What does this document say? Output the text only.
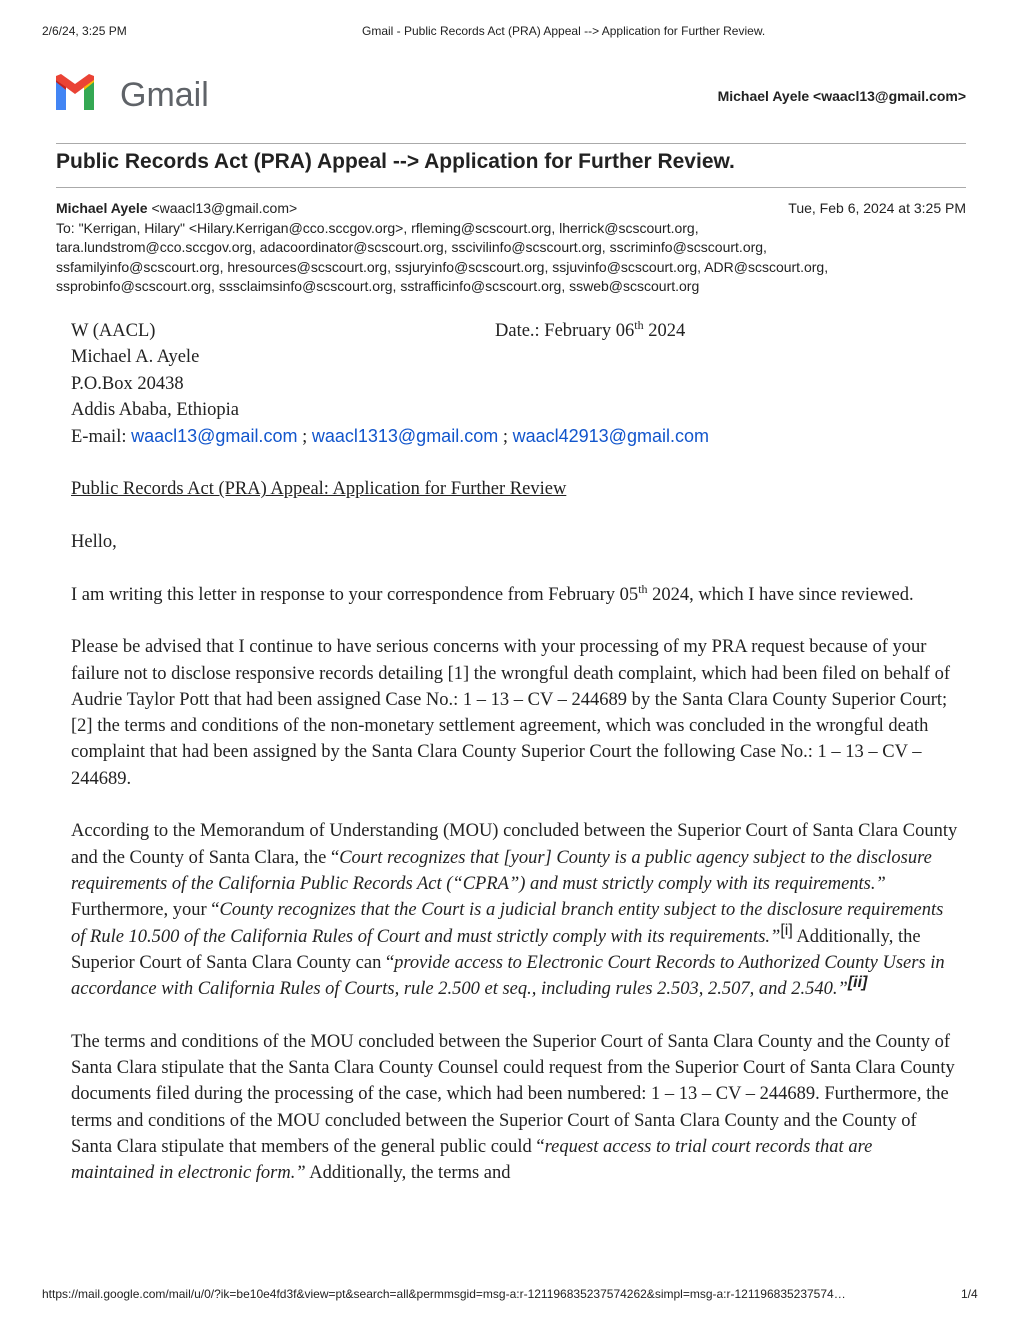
2/6/24, 3:25 PM	Gmail - Public Records Act (PRA) Appeal --> Application for Further Review.
Gmail	Michael Ayele <waacl13@gmail.com>
Public Records Act (PRA) Appeal --> Application for Further Review.
Michael Ayele <waacl13@gmail.com>	Tue, Feb 6, 2024 at 3:25 PM
To: "Kerrigan, Hilary" <Hilary.Kerrigan@cco.sccgov.org>, rfleming@scscourt.org, lherrick@scscourt.org,
tara.lundstrom@cco.sccgov.org, adacoordinator@scscourt.org, sscivilinfo@scscourt.org, sscriminfo@scscourt.org,
ssfamilyinfo@scscourt.org, hresources@scscourt.org, ssjuryinfo@scscourt.org, ssjuvinfo@scscourt.org, ADR@scscourt.org,
ssprobinfo@scscourt.org, sssclaimsinfo@scscourt.org, sstrafficinfo@scscourt.org, ssweb@scscourt.org
W (AACL)	Date.: February 06th 2024
Michael A. Ayele
P.O.Box 20438
Addis Ababa, Ethiopia
E-mail: waacl13@gmail.com ; waacl1313@gmail.com ; waacl42913@gmail.com

Public Records Act (PRA) Appeal: Application for Further Review

Hello,

I am writing this letter in response to your correspondence from February 05th 2024, which I have since reviewed.

Please be advised that I continue to have serious concerns with your processing of my PRA request because of your failure not to disclose responsive records detailing [1] the wrongful death complaint, which had been filed on behalf of Audrie Taylor Pott that had been assigned Case No.: 1 – 13 – CV – 244689 by the Santa Clara County Superior Court; [2] the terms and conditions of the non-monetary settlement agreement, which was concluded in the wrongful death complaint that had been assigned by the Santa Clara County Superior Court the following Case No.: 1 – 13 – CV – 244689.

According to the Memorandum of Understanding (MOU) concluded between the Superior Court of Santa Clara County and the County of Santa Clara, the “Court recognizes that [your] County is a public agency subject to the disclosure requirements of the California Public Records Act (“CPRA”) and must strictly comply with its requirements.” Furthermore, your “County recognizes that the Court is a judicial branch entity subject to the disclosure requirements of Rule 10.500 of the California Rules of Court and must strictly comply with its requirements.”[i] Additionally, the Superior Court of Santa Clara County can “provide access to Electronic Court Records to Authorized County Users in accordance with California Rules of Courts, rule 2.500 et seq., including rules 2.503, 2.507, and 2.540.”[ii]

The terms and conditions of the MOU concluded between the Superior Court of Santa Clara County and the County of Santa Clara stipulate that the Santa Clara County Counsel could request from the Superior Court of Santa Clara County documents filed during the processing of the case, which had been numbered: 1 – 13 – CV – 244689. Furthermore, the terms and conditions of the MOU concluded between the Superior Court of Santa Clara County and the County of Santa Clara stipulate that members of the general public could “request access to trial court records that are maintained in electronic form.” Additionally, the terms and

https://mail.google.com/mail/u/0/?ik=be10e4fd3f&view=pt&search=all&permmsgid=msg-a:r-121196835237574262&simpl=msg-a:r-121196835237574…	1/4
